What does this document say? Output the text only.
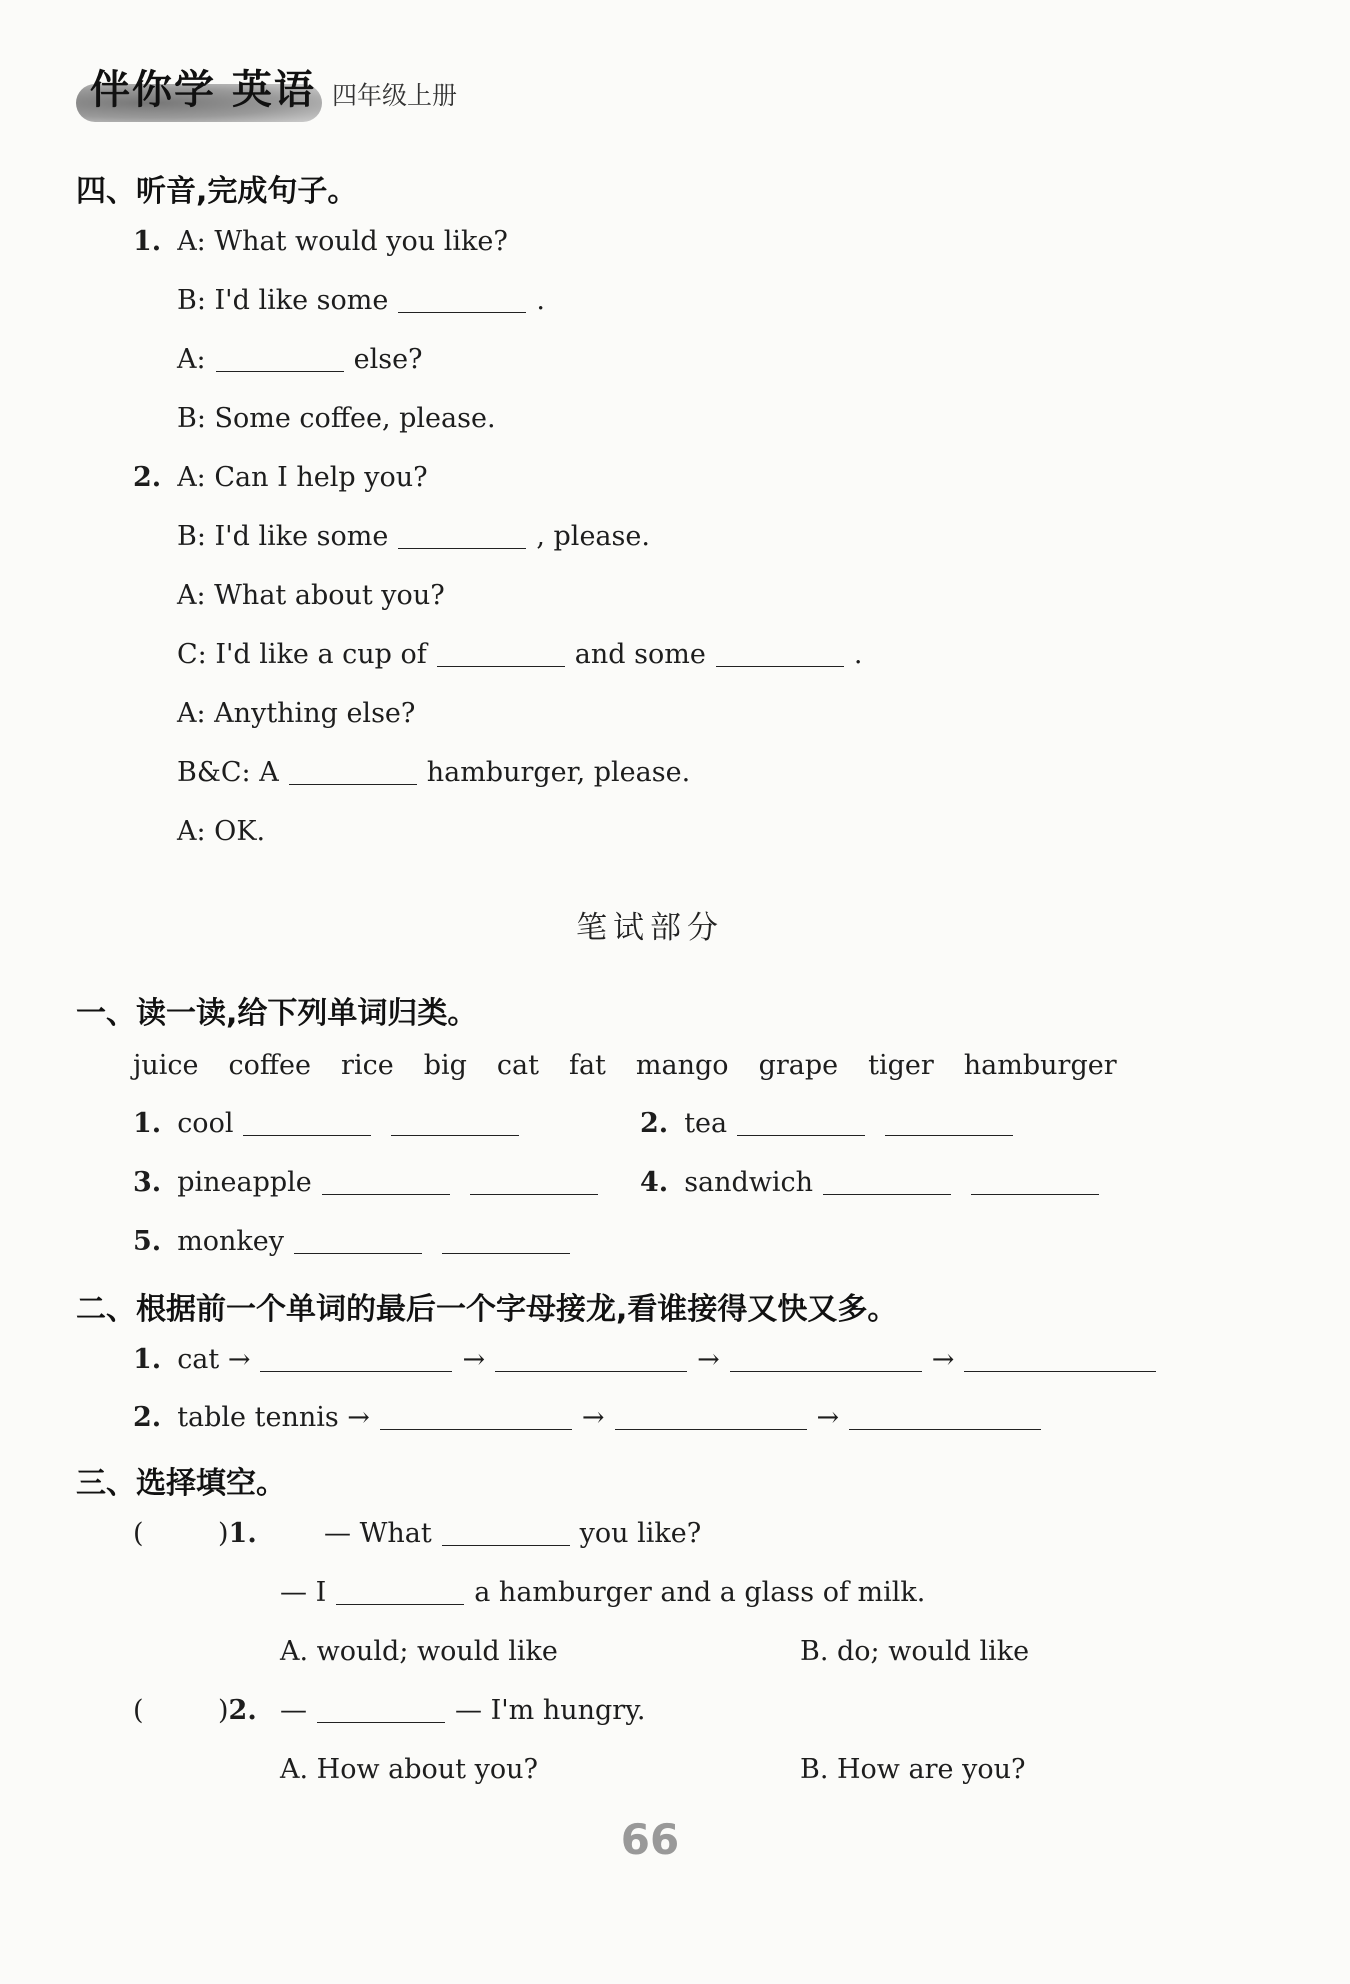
伴你学 英语 四年级上册
四、听音,完成句子。
1. A: What would you like?
B: I'd like some	.
A:	else?
B: Some coffee, please.
2. A: Can I help you?
B: I'd like some	, please.
A: What about you?
C: I'd like a cup of	and some	.
A: Anything else?
B&C: A	hamburger, please.
A: OK.
笔试部分
一、读一读,给下列单词归类。
juice coffee rice big cat fat mango grape tiger hamburger
1. cool	2. tea
3. pineapple	4. sandwich
5. monkey
二、根据前一个单词的最后一个字母接龙,看谁接得又快又多。
1. cat →	→	→	→
2. table tennis →	→	→
三、选择填空。
(	)1.	— What	you like?
— I	a hamburger and a glass of milk.
A. would; would like	B. do; would like
(	)2. —	— I'm hungry.
A. How about you?	B. How are you?
66
